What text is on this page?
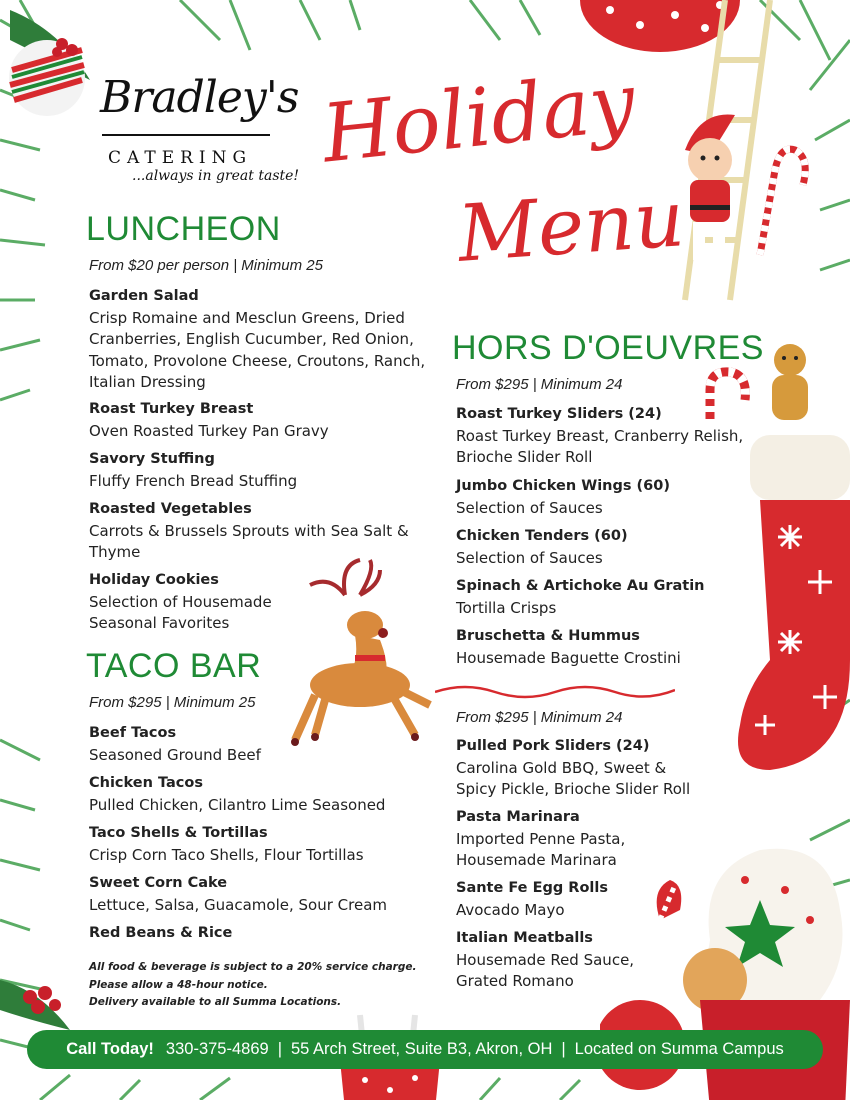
Bradley's
CATERING
...always in great taste! Holiday
Menu
LUNCHEON
From $20 per person | Minimum 25
Garden Salad
Crisp Romaine and Mesclun Greens, Dried Cranberries, English Cucumber, Red Onion, Tomato, Provolone Cheese, Croutons, Ranch, Italian Dressing
Roast Turkey Breast
Oven Roasted Turkey Pan Gravy
Savory Stuffing
Fluffy French Bread Stuffing
Roasted Vegetables
Carrots & Brussels Sprouts with Sea Salt & Thyme
Holiday Cookies
Selection of Housemade Seasonal Favorites
TACO BAR
From $295 | Minimum 25
Beef Tacos
Seasoned Ground Beef
Chicken Tacos
Pulled Chicken, Cilantro Lime Seasoned
Taco Shells & Tortillas
Crisp Corn Taco Shells, Flour Tortillas
Sweet Corn Cake
Lettuce, Salsa, Guacamole, Sour Cream
Red Beans & Rice
All food & beverage is subject to a 20% service charge.
Please allow a 48-hour notice.
Delivery available to all Summa Locations.
HORS D'OEUVRES
From $295 | Minimum 24
Roast Turkey Sliders (24)
Roast Turkey Breast, Cranberry Relish, Brioche Slider Roll
Jumbo Chicken Wings (60)
Selection of Sauces
Chicken Tenders (60)
Selection of Sauces
Spinach & Artichoke Au Gratin
Tortilla Crisps
Bruschetta & Hummus
Housemade Baguette Crostini
From $295 | Minimum 24
Pulled Pork Sliders (24)
Carolina Gold BBQ, Sweet & Spicy Pickle, Brioche Slider Roll
Pasta Marinara
Imported Penne Pasta, Housemade Marinara
Sante Fe Egg Rolls
Avocado Mayo
Italian Meatballs
Housemade Red Sauce, Grated Romano
Call Today! 330-375-4869 | 55 Arch Street, Suite B3, Akron, OH | Located on Summa Campus
